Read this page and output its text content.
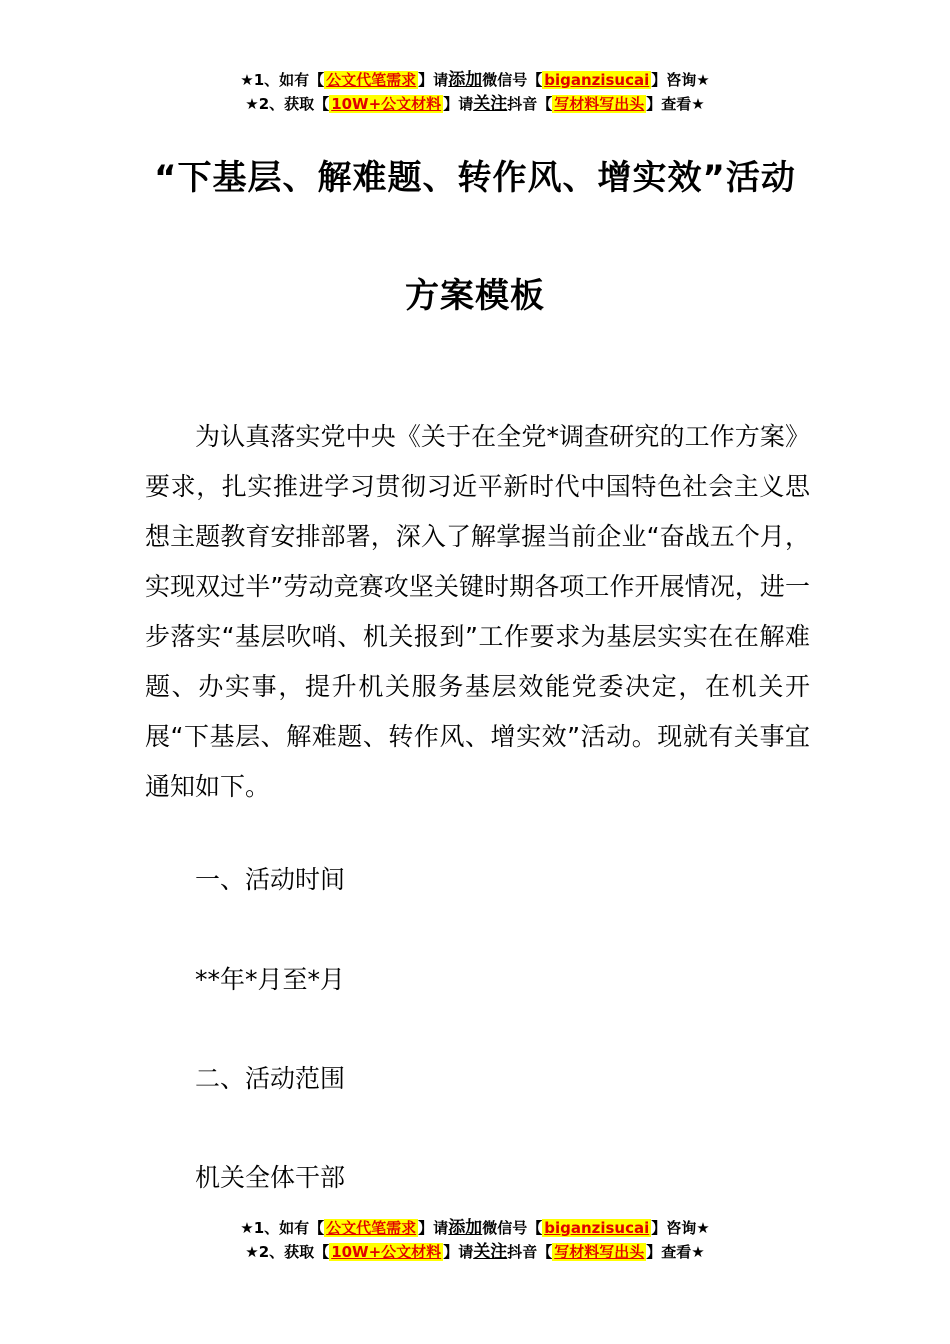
★1、如有【 公文代笔需求 】请添加微信号【 biganzisucai 】咨询★
★2、获取【 10W+公文材料 】请关注抖音【 写材料写出头 】查看★
“下基层、解难题、转作风、增实效”活动
方案模板

为认真落实党中央《关于在全党*调查研究的工作方案》要求，扎实推进学习贯彻习近平新时代中国特色社会主义思想主题教育安排部署，深入了解掌握当前企业“奋战五个月，实现双过半”劳动竞赛攻坚关键时期各项工作开展情况，进一步落实“基层吹哨、机关报到”工作要求为基层实实在在解难题、办实事，提升机关服务基层效能党委决定，在机关开展“下基层、解难题、转作风、增实效”活动。现就有关事宜通知如下。

一、活动时间

**年*月至*月

二、活动范围

机关全体干部

★1、如有【 公文代笔需求 】请添加微信号【 biganzisucai 】咨询★
★2、获取【 10W+公文材料 】请关注抖音【 写材料写出头 】查看★
